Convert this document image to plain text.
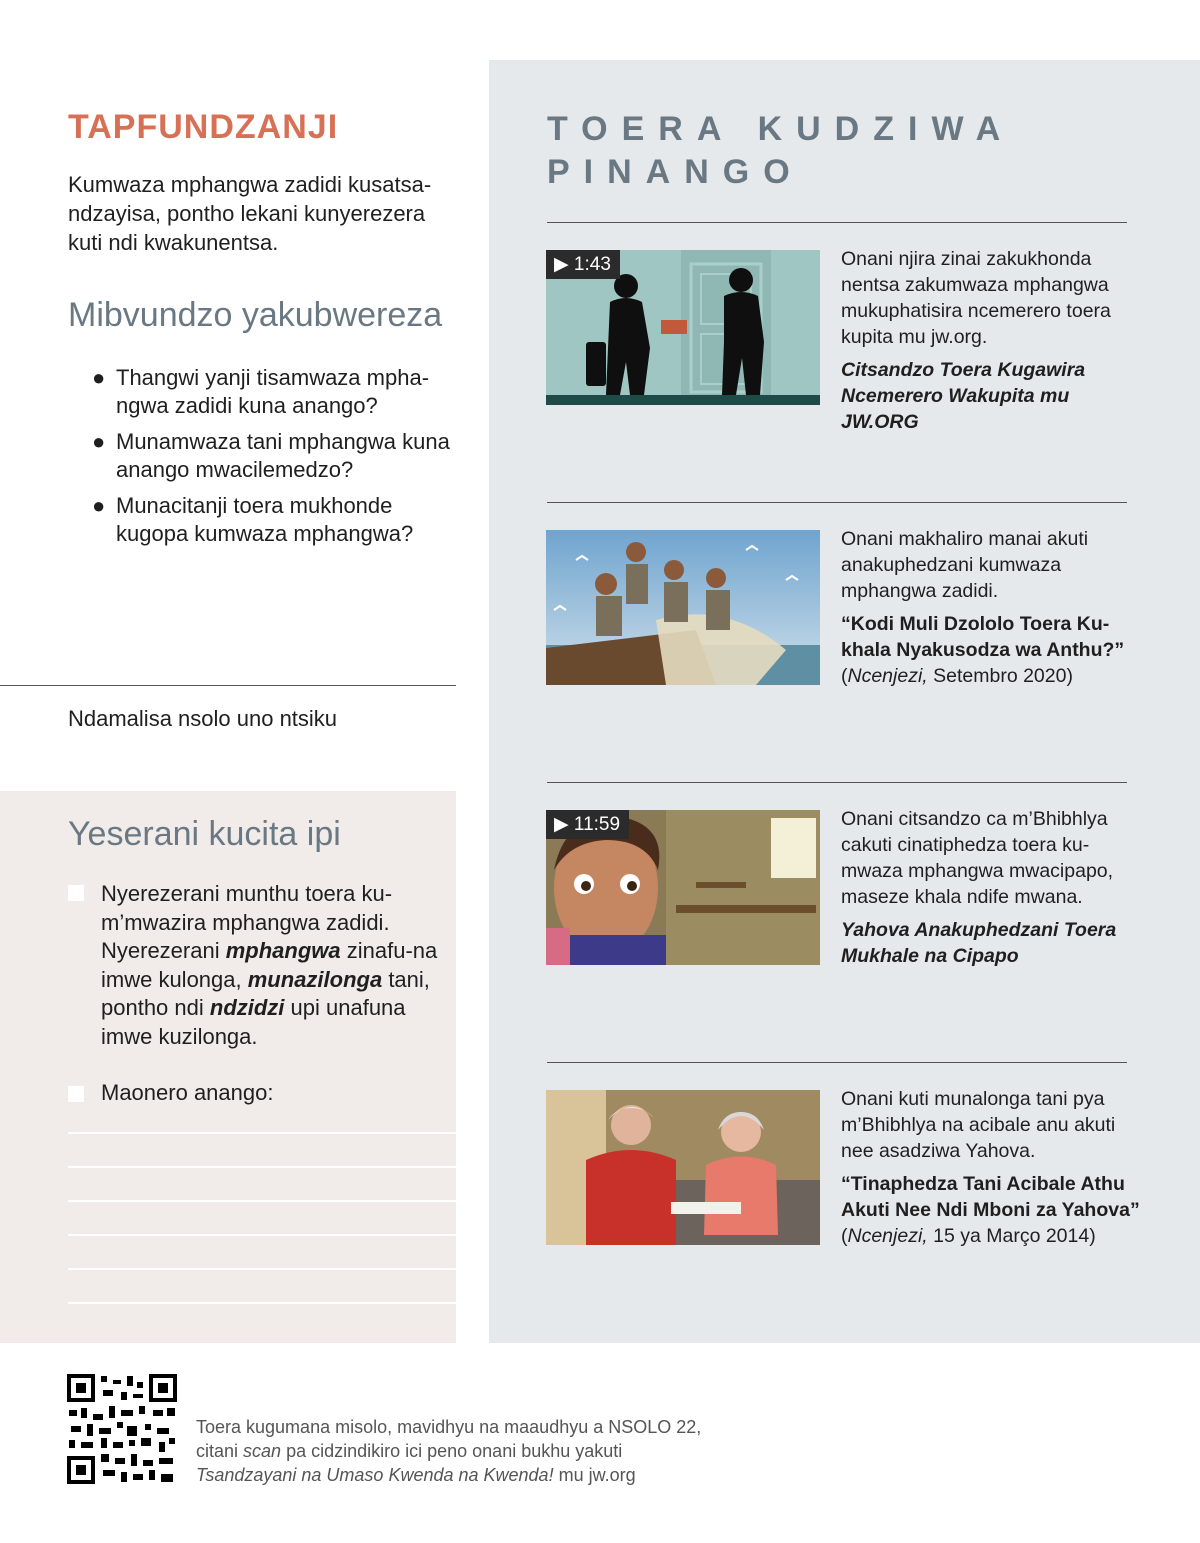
TAPFUNDZANJI

Kumwaza mphangwa zadidi kusatsa-ndzayisa, pontho lekani kunyerezera kuti ndi kwakunentsa.

Mibvundzo yakubwereza
● Thangwi yanji tisamwaza mpha-ngwa zadidi kuna anango?
● Munamwaza tani mphangwa kuna anango mwacilemedzo?
● Munacitanji toera mukhonde kugopa kumwaza mphangwa?
Ndamalisa nsolo uno ntsiku
Yeserani kucita ipi
Nyerezerani munthu toera ku-m’mwazira mphangwa zadidi. Nyerezerani mphangwa zinafu-na imwe kulonga, munazilonga tani, pontho ndi ndzidzi upi unafuna imwe kuzilonga.
Maonero anango:
TOERA KUDZIWA PINANGO
▶ 1:43	Onani njira zinai zakukhonda nentsa zakumwaza mphangwa mukuphatisira ncemerero toera kupita mu jw.org.

Citsandzo Toera Kugawira Ncemerero Wakupita mu JW.ORG

Onani makhaliro manai akuti anakuphedzani kumwaza mphangwa zadidi.

“Kodi Muli Dzololo Toera Ku-khala Nyakusodza wa Anthu?”

(Ncenjezi, Setembro 2020)

▶ 11:59	Onani citsandzo ca m’Bhibhlya cakuti cinatiphedza toera ku-mwaza mphangwa mwacipapo, maseze khala ndife mwana.

Yahova Anakuphedzani Toera Mukhale na Cipapo

Onani kuti munalonga tani pya m’Bhibhlya na acibale anu akuti nee asadziwa Yahova.

“Tinaphedza Tani Acibale Athu Akuti Nee Ndi Mboni za Yahova”

(Ncenjezi, 15 ya Março 2014)

Toera kugumana misolo, mavidhyu na maaudhyu a NSOLO 22,
citani scan pa cidzindikiro ici peno onani bukhu yakuti
Tsandzayani na Umaso Kwenda na Kwenda! mu jw.org
